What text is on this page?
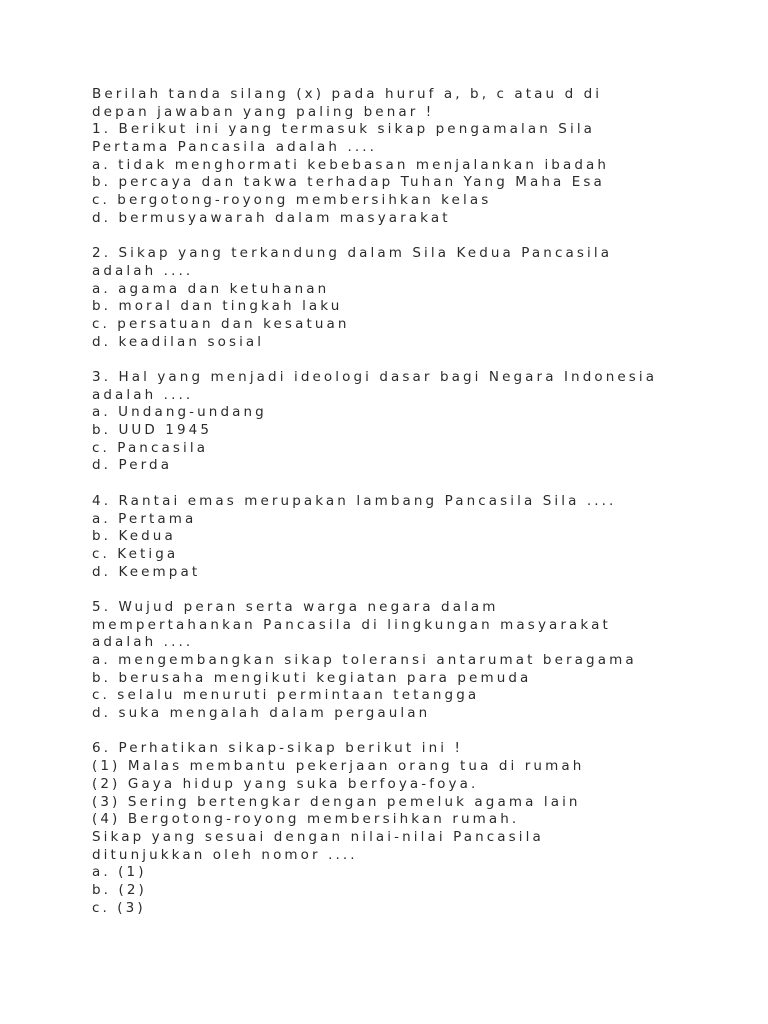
Berilah tanda silang (x) pada huruf a, b, c atau d di
depan jawaban yang paling benar !
1. Berikut ini yang termasuk sikap pengamalan Sila
Pertama Pancasila adalah ....
a. tidak menghormati kebebasan menjalankan ibadah
b. percaya dan takwa terhadap Tuhan Yang Maha Esa
c. bergotong-royong membersihkan kelas
d. bermusyawarah dalam masyarakat
2. Sikap yang terkandung dalam Sila Kedua Pancasila
adalah ....
a. agama dan ketuhanan
b. moral dan tingkah laku
c. persatuan dan kesatuan
d. keadilan sosial
3. Hal yang menjadi ideologi dasar bagi Negara Indonesia
adalah ....
a. Undang-undang
b. UUD 1945
c. Pancasila
d. Perda
4. Rantai emas merupakan lambang Pancasila Sila ....
a. Pertama
b. Kedua
c. Ketiga
d. Keempat
5. Wujud peran serta warga negara dalam
mempertahankan Pancasila di lingkungan masyarakat
adalah ....
a. mengembangkan sikap toleransi antarumat beragama
b. berusaha mengikuti kegiatan para pemuda
c. selalu menuruti permintaan tetangga
d. suka mengalah dalam pergaulan
6. Perhatikan sikap-sikap berikut ini !
(1) Malas membantu pekerjaan orang tua di rumah
(2) Gaya hidup yang suka berfoya-foya.
(3) Sering bertengkar dengan pemeluk agama lain
(4) Bergotong-royong membersihkan rumah.
Sikap yang sesuai dengan nilai-nilai Pancasila
ditunjukkan oleh nomor ....
a. (1)
b. (2)
c. (3)
